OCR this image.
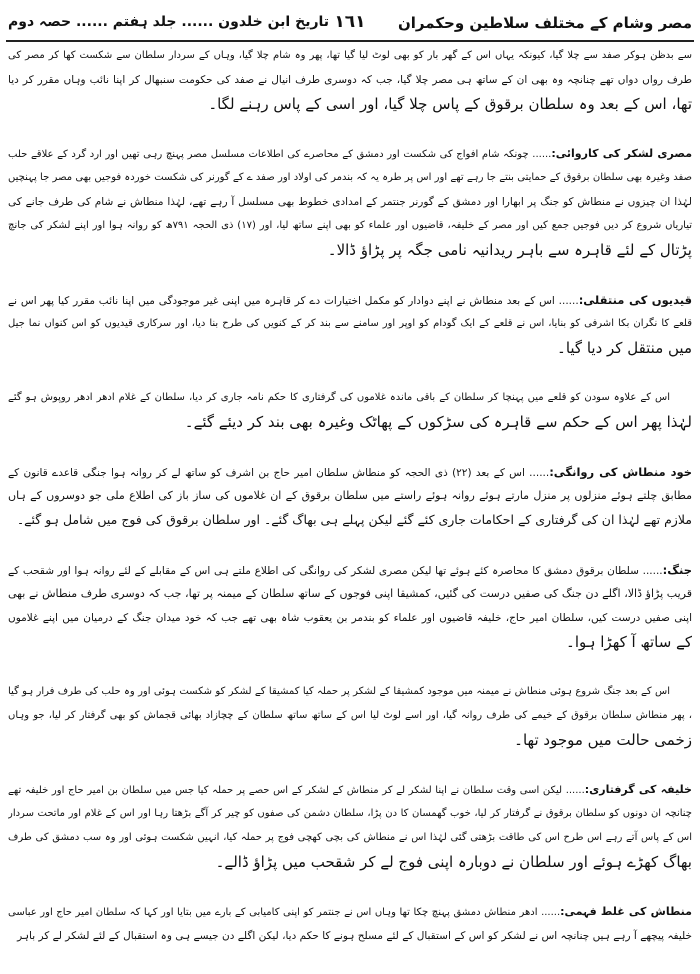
مصر وشام کے مختلف سلاطین وحکمران
١٦١
تاریخ ابن خلدون ...... جلد ہفتم ...... حصہ دوم
سے بدظن ہوکر صفد سے چلا گیا، کیونکہ یہاں اس کے گھر بار کو بھی لوٹ لیا گیا تھا، پھر وہ شام چلا گیا، وہاں کے سردار سلطان سے شکست کھا کر مصر کی
طرف رواں دواں تھے چنانچہ وہ بھی ان کے ساتھ ہی مصر چلا گیا، جب کہ دوسری طرف انیال نے صفد کی حکومت سنبھال کر اپنا نائب وہاں مقرر کر دیا
تھا، اس کے بعد وہ سلطان برقوق کے پاس چلا گیا، اور اسی کے پاس رہنے لگا۔
مصری لشکر کی کاروائی:...... چونکہ شام افواج کی شکست اور دمشق کے محاصرے کی اطلاعات مسلسل مصر پہنچ رہی تھیں اور ارد گرد کے علاقے حلب
صفد وغیرہ بھی سلطان برقوق کے حمایتی بنتے جا رہے تھے اور اس پر طرہ یہ کہ بندمر کی اولاد اور صفد ے کے گورنر کی شکست خوردہ فوجیں بھی مصر جا پہنچیں
لہٰذا ان چیزوں نے منطاش کو جنگ پر ابھارا اور دمشق کے گورنر جنتمر کے امدادی خطوط بھی مسلسل آ رہے تھے، لہٰذا منطاش نے شام کی طرف جانے کی
تیاریاں شروع کر دیں فوجیں جمع کیں اور مصر کے خلیفہ، قاضیوں اور علماء کو بھی اپنے ساتھ لیا، اور (١٧) ذی الحجہ ٧٩١ھ کو روانہ ہوا اور اپنے لشکر کی جانچ
پڑتال کے لئے قاہرہ سے باہر ریدانیہ نامی جگہ پر پڑاؤ ڈالا۔
قیدیوں کی منتقلی:...... اس کے بعد منطاش نے اپنے دوادار کو مکمل اختیارات دے کر قاہرہ میں اپنی غیر موجودگی میں اپنا نائب مقرر کیا پھر اس نے
قلعے کا نگران بکا اشرفی کو بنایا، اس نے قلعے کے ایک گودام کو اوپر اور سامنے سے بند کر کے کنویں کی طرح بنا دیا، اور سرکاری قیدیوں کو اس کنواں نما جیل
میں منتقل کر دیا گیا۔
اس کے علاوہ سودن کو قلعے میں پہنچا کر سلطان کے باقی ماندہ غلاموں کی گرفتاری کا حکم نامہ جاری کر دیا، سلطان کے غلام ادھر ادھر روپوش ہو گئے
لہٰذا پھر اس کے حکم سے قاہرہ کی سڑکوں کے پھاٹک وغیرہ بھی بند کر دیئے گئے۔
خود منطاش کی روانگی:...... اس کے بعد (٢٢) ذی الحجہ کو منطاش سلطان امیر حاج بن اشرف کو ساتھ لے کر روانہ ہوا جنگی قاعدے قانون کے
مطابق چلتے ہوئے منزلوں پر منزل مارتے ہوئے روانہ ہوئے راستے میں سلطان برقوق کے ان غلاموں کی ساز باز کی اطلاع ملی جو دوسروں کے ہاں
ملازم تھے لہٰذا ان کی گرفتاری کے احکامات جاری کئے گئے لیکن پہلے ہی بھاگ گئے۔ اور سلطان برقوق کی فوج میں شامل ہو گئے۔
جنگ:...... سلطان برقوق دمشق کا محاصرہ کئے ہوئے تھا لیکن مصری لشکر کی روانگی کی اطلاع ملتے ہی اس کے مقابلے کے لئے روانہ ہوا اور شقحب کے
قریب پڑاؤ ڈالا، اگلے دن جنگ کی صفیں درست کی گئیں، کمشیقا اپنی فوجوں کے ساتھ سلطان کے میمنہ پر تھا، جب کہ دوسری طرف منطاش نے بھی
اپنی صفیں درست کیں، سلطان امیر حاج، خلیفہ قاضیوں اور علماء کو بندمر بن یعقوب شاہ بھی تھے جب کہ خود میدان جنگ کے درمیان میں اپنے غلاموں
کے ساتھ آ کھڑا ہوا۔
اس کے بعد جنگ شروع ہوئی منطاش نے میمنہ میں موجود کمشیقا کے لشکر پر حملہ کیا کمشیقا کے لشکر کو شکست ہوئی اور وہ حلب کی طرف فرار ہو گیا
، پھر منطاش سلطان برقوق کے خیمے کی طرف روانہ گیا، اور اسے لوٹ لیا اس کے ساتھ ساتھ سلطان کے چچازاد بھائی قجماش کو بھی گرفتار کر لیا، جو وہاں
زخمی حالت میں موجود تھا۔
خلیفہ کی گرفتاری:...... لیکن اسی وقت سلطان نے اپنا لشکر لے کر منطاش کے لشکر کے اس حصے پر حملہ کیا جس میں سلطان بن امیر حاج اور خلیفہ تھے
چنانچہ ان دونوں کو سلطان برقوق نے گرفتار کر لیا، خوب گھمسان کا دن پڑا، سلطان دشمن کی صفوں کو چیر کر آگے بڑھتا رہا اور اس کے غلام اور ماتحت سردار
اس کے پاس آتے رہے اس طرح اس کی طاقت بڑھتی گئی لہٰذا اس نے منطاش کی بچی کھچی فوج پر حملہ کیا، انہیں شکست ہوئی اور وہ سب دمشق کی طرف
بھاگ کھڑے ہوئے اور سلطان نے دوبارہ اپنی فوج لے کر شقحب میں پڑاؤ ڈالے۔
منطاش کی غلط فہمی:...... ادھر منطاش دمشق پہنچ چکا تھا وہاں اس نے جنتمر کو اپنی کامیابی کے بارے میں بتایا اور کہا کہ سلطان امیر حاج اور عباسی
خلیفہ پیچھے آ رہے ہیں چنانچہ اس نے لشکر کو اس کے استقبال کے لئے مسلح ہونے کا حکم دیا، لیکن اگلے دن جیسے ہی وہ استقبال کے لئے لشکر لے کر باہر
